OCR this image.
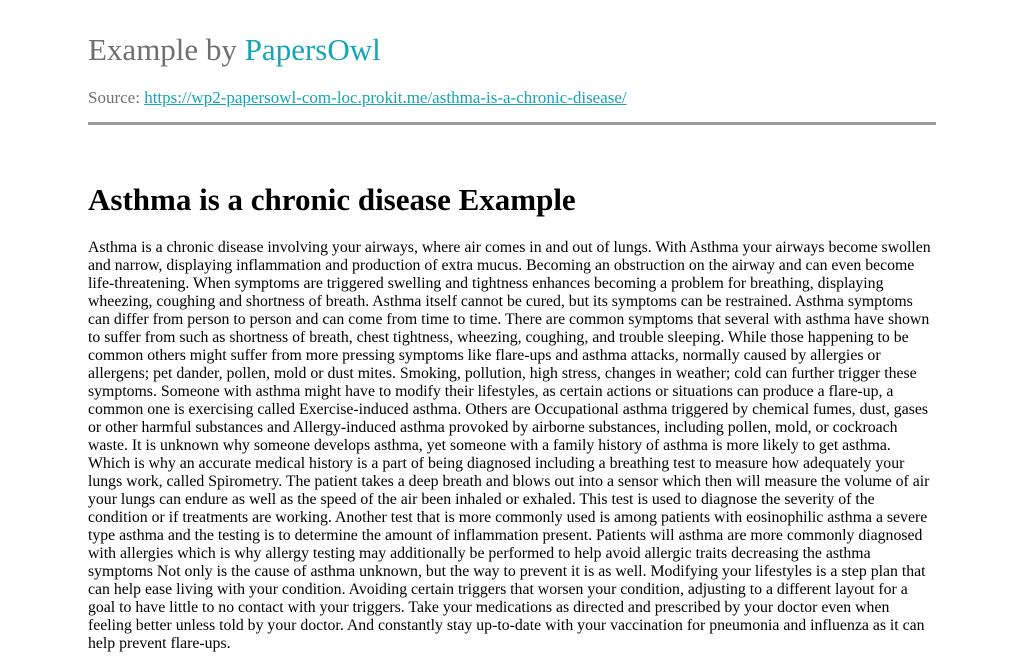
Example by PapersOwl
Source: https://wp2-papersowl-com-loc.prokit.me/asthma-is-a-chronic-disease/
Asthma is a chronic disease Example

Asthma is a chronic disease involving your airways, where air comes in and out of lungs. With Asthma your airways become swollen and narrow, displaying inflammation and production of extra mucus. Becoming an obstruction on the airway and can even become life-threatening. When symptoms are triggered swelling and tightness enhances becoming a problem for breathing, displaying wheezing, coughing and shortness of breath. Asthma itself cannot be cured, but its symptoms can be restrained. Asthma symptoms can differ from person to person and can come from time to time. There are common symptoms that several with asthma have shown to suffer from such as shortness of breath, chest tightness, wheezing, coughing, and trouble sleeping. While those happening to be common others might suffer from more pressing symptoms like flare-ups and asthma attacks, normally caused by allergies or allergens; pet dander, pollen, mold or dust mites. Smoking, pollution, high stress, changes in weather; cold can further trigger these symptoms. Someone with asthma might have to modify their lifestyles, as certain actions or situations can produce a flare-up, a common one is exercising called Exercise-induced asthma. Others are Occupational asthma triggered by chemical fumes, dust, gases or other harmful substances and Allergy-induced asthma provoked by airborne substances, including pollen, mold, or cockroach waste. It is unknown why someone develops asthma, yet someone with a family history of asthma is more likely to get asthma. Which is why an accurate medical history is a part of being diagnosed including a breathing test to measure how adequately your lungs work, called Spirometry. The patient takes a deep breath and blows out into a sensor which then will measure the volume of air your lungs can endure as well as the speed of the air been inhaled or exhaled. This test is used to diagnose the severity of the condition or if treatments are working. Another test that is more commonly used is among patients with eosinophilic asthma a severe type asthma and the testing is to determine the amount of inflammation present. Patients will asthma are more commonly diagnosed with allergies which is why allergy testing may additionally be performed to help avoid allergic traits decreasing the asthma symptoms Not only is the cause of asthma unknown, but the way to prevent it is as well. Modifying your lifestyles is a step plan that can help ease living with your condition. Avoiding certain triggers that worsen your condition, adjusting to a different layout for a goal to have little to no contact with your triggers. Take your medications as directed and prescribed by your doctor even when feeling better unless told by your doctor. And constantly stay up-to-date with your vaccination for pneumonia and influenza as it can help prevent flare-ups.
